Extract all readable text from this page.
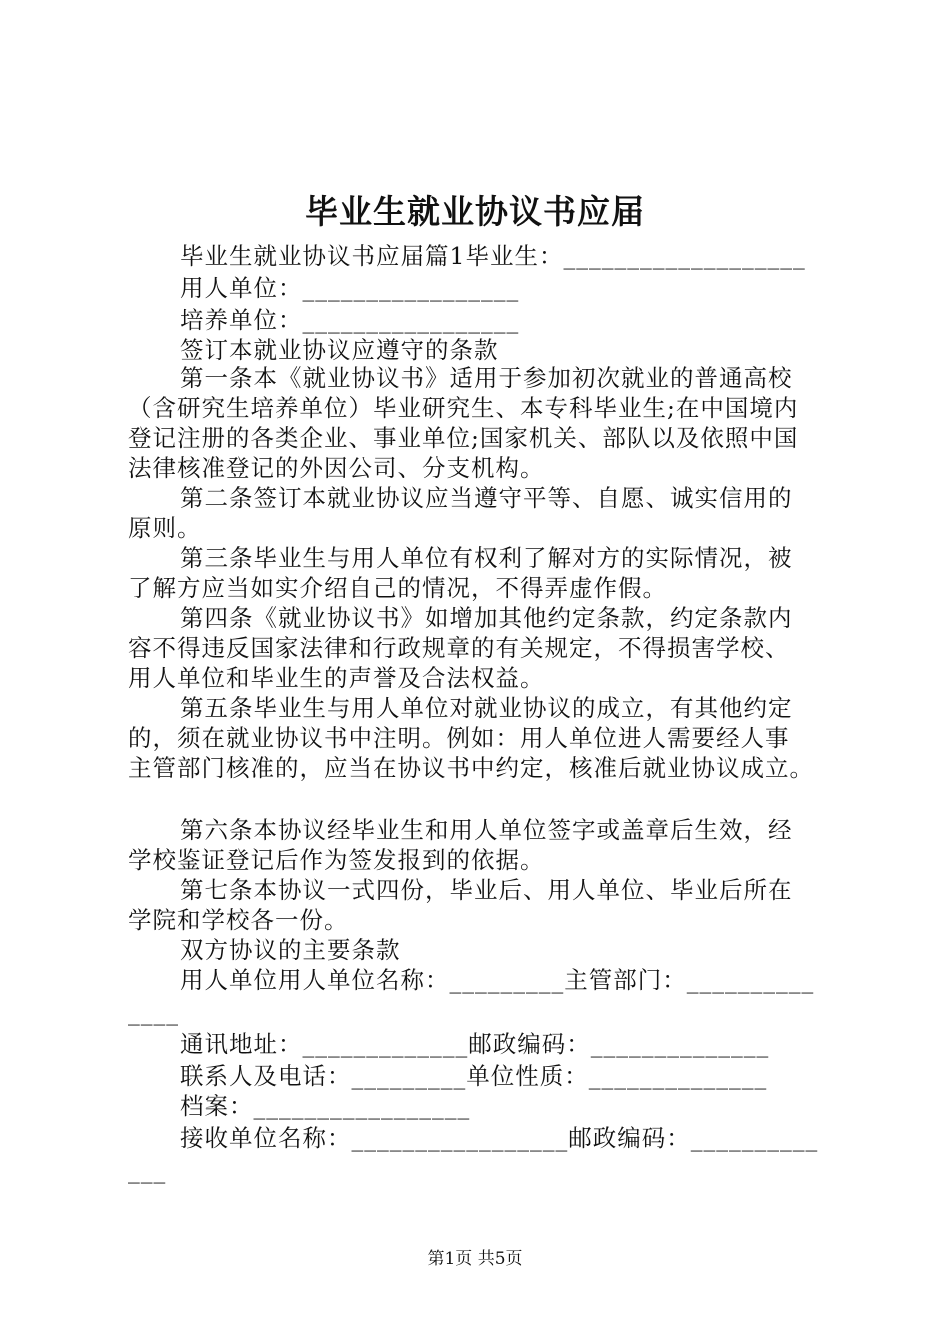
毕业生就业协议书应届
毕业生就业协议书应届篇1毕业生：___________________
用人单位：_________________
培养单位：_________________
签订本就业协议应遵守的条款
第一条本《就业协议书》适用于参加初次就业的普通高校
（含研究生培养单位）毕业研究生、本专科毕业生;在中国境内
登记注册的各类企业、事业单位;国家机关、部队以及依照中国
法律核准登记的外因公司、分支机构。
第二条签订本就业协议应当遵守平等、自愿、诚实信用的
原则。
第三条毕业生与用人单位有权利了解对方的实际情况，被
了解方应当如实介绍自己的情况，不得弄虚作假。
第四条《就业协议书》如增加其他约定条款，约定条款内
容不得违反国家法律和行政规章的有关规定，不得损害学校、
用人单位和毕业生的声誉及合法权益。
第五条毕业生与用人单位对就业协议的成立，有其他约定
的，须在就业协议书中注明。例如：用人单位进人需要经人事
主管部门核准的，应当在协议书中约定，核准后就业协议成立。
第六条本协议经毕业生和用人单位签字或盖章后生效，经
学校鉴证登记后作为签发报到的依据。
第七条本协议一式四份，毕业后、用人单位、毕业后所在
学院和学校各一份。
双方协议的主要条款
用人单位用人单位名称：_________主管部门：__________
____
通讯地址：_____________邮政编码：______________
联系人及电话：_________单位性质：______________
档案：_________________
接收单位名称：_________________邮政编码：__________
___
第1页 共5页
